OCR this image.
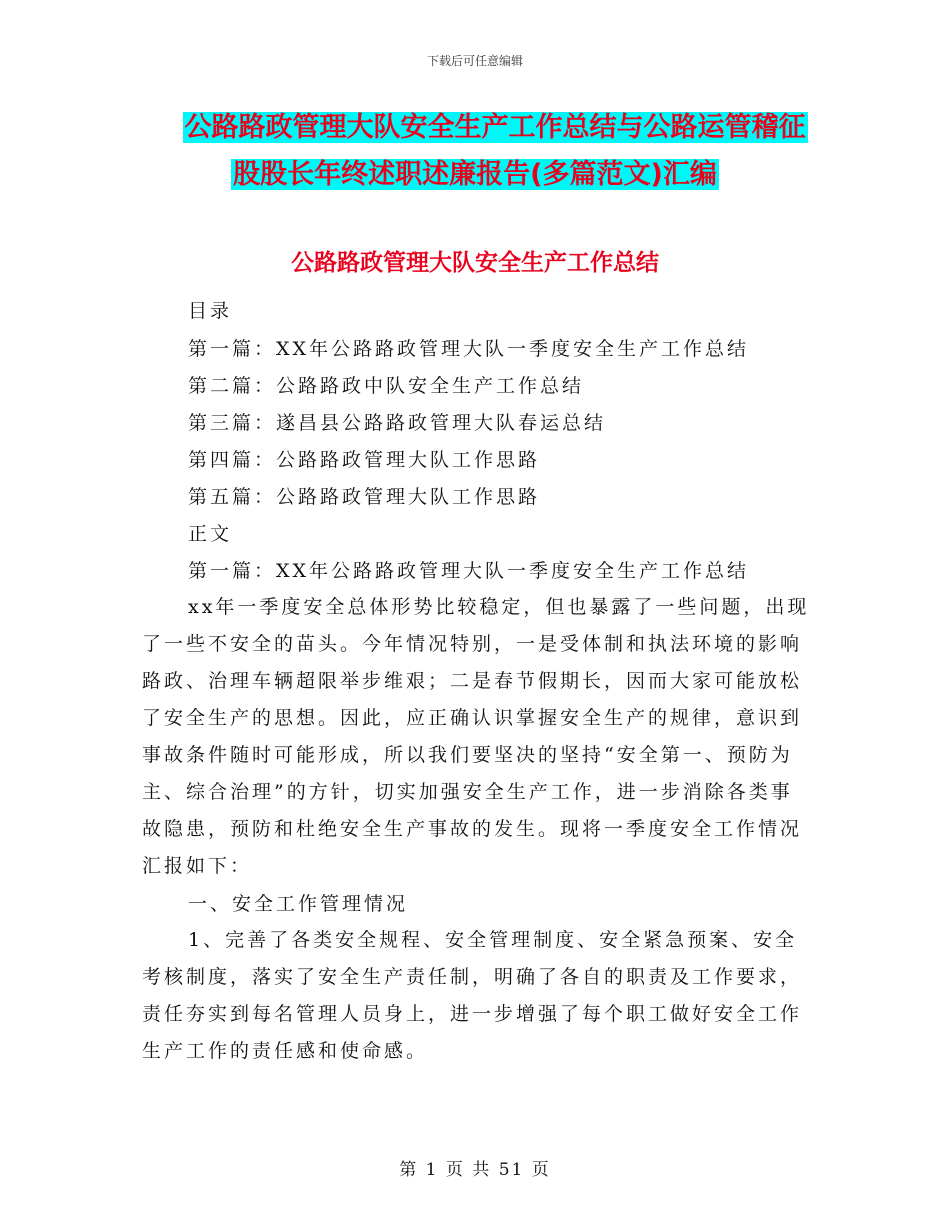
下载后可任意编辑
公路路政管理大队安全生产工作总结与公路运管稽征
股股长年终述职述廉报告(多篇范文)汇编
公路路政管理大队安全生产工作总结
目录
第一篇：XX年公路路政管理大队一季度安全生产工作总结
第二篇：公路路政中队安全生产工作总结
第三篇：遂昌县公路路政管理大队春运总结
第四篇：公路路政管理大队工作思路
第五篇：公路路政管理大队工作思路
正文
第一篇：XX年公路路政管理大队一季度安全生产工作总结

xx年一季度安全总体形势比较稳定，但也暴露了一些问题，出现了一些不安全的苗头。今年情况特别，一是受体制和执法环境的影响路政、治理车辆超限举步维艰；二是春节假期长，因而大家可能放松了安全生产的思想。因此，应正确认识掌握安全生产的规律，意识到事故条件随时可能形成，所以我们要坚决的坚持“安全第一、预防为主、综合治理”的方针，切实加强安全生产工作，进一步消除各类事故隐患，预防和杜绝安全生产事故的发生。现将一季度安全工作情况汇报如下：

一、安全工作管理情况

1、完善了各类安全规程、安全管理制度、安全紧急预案、安全考核制度，落实了安全生产责任制，明确了各自的职责及工作要求，责任夯实到每名管理人员身上，进一步增强了每个职工做好安全工作生产工作的责任感和使命感。

第 1 页 共 51 页
